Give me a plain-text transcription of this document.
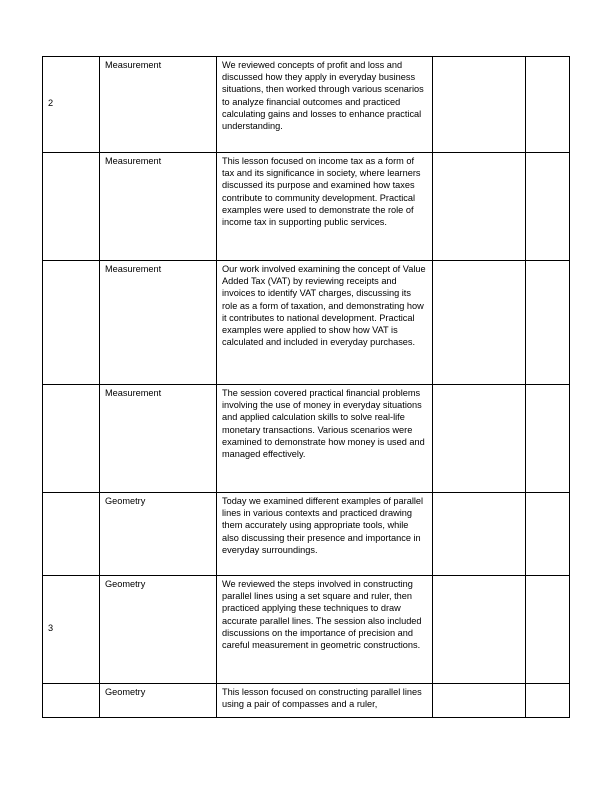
2	Measurement	We reviewed concepts of profit and loss and discussed how they apply in everyday business situations, then worked through various scenarios to analyze financial outcomes and practiced calculating gains and losses to enhance practical understanding.		
	Measurement	This lesson focused on income tax as a form of tax and its significance in society, where learners discussed its purpose and examined how taxes contribute to community development. Practical examples were used to demonstrate the role of income tax in supporting public services.		
	Measurement	Our work involved examining the concept of Value Added Tax (VAT) by reviewing receipts and invoices to identify VAT charges, discussing its role as a form of taxation, and demonstrating how it contributes to national development. Practical examples were applied to show how VAT is calculated and included in everyday purchases.		
	Measurement	The session covered practical financial problems involving the use of money in everyday situations and applied calculation skills to solve real-life monetary transactions. Various scenarios were examined to demonstrate how money is used and managed effectively.		
	Geometry	Today we examined different examples of parallel lines in various contexts and practiced drawing them accurately using appropriate tools, while also discussing their presence and importance in everyday surroundings.		
3	Geometry	We reviewed the steps involved in constructing parallel lines using a set square and ruler, then practiced applying these techniques to draw accurate parallel lines. The session also included discussions on the importance of precision and careful measurement in geometric constructions.		
	Geometry	This lesson focused on constructing parallel lines using a pair of compasses and a ruler,		
